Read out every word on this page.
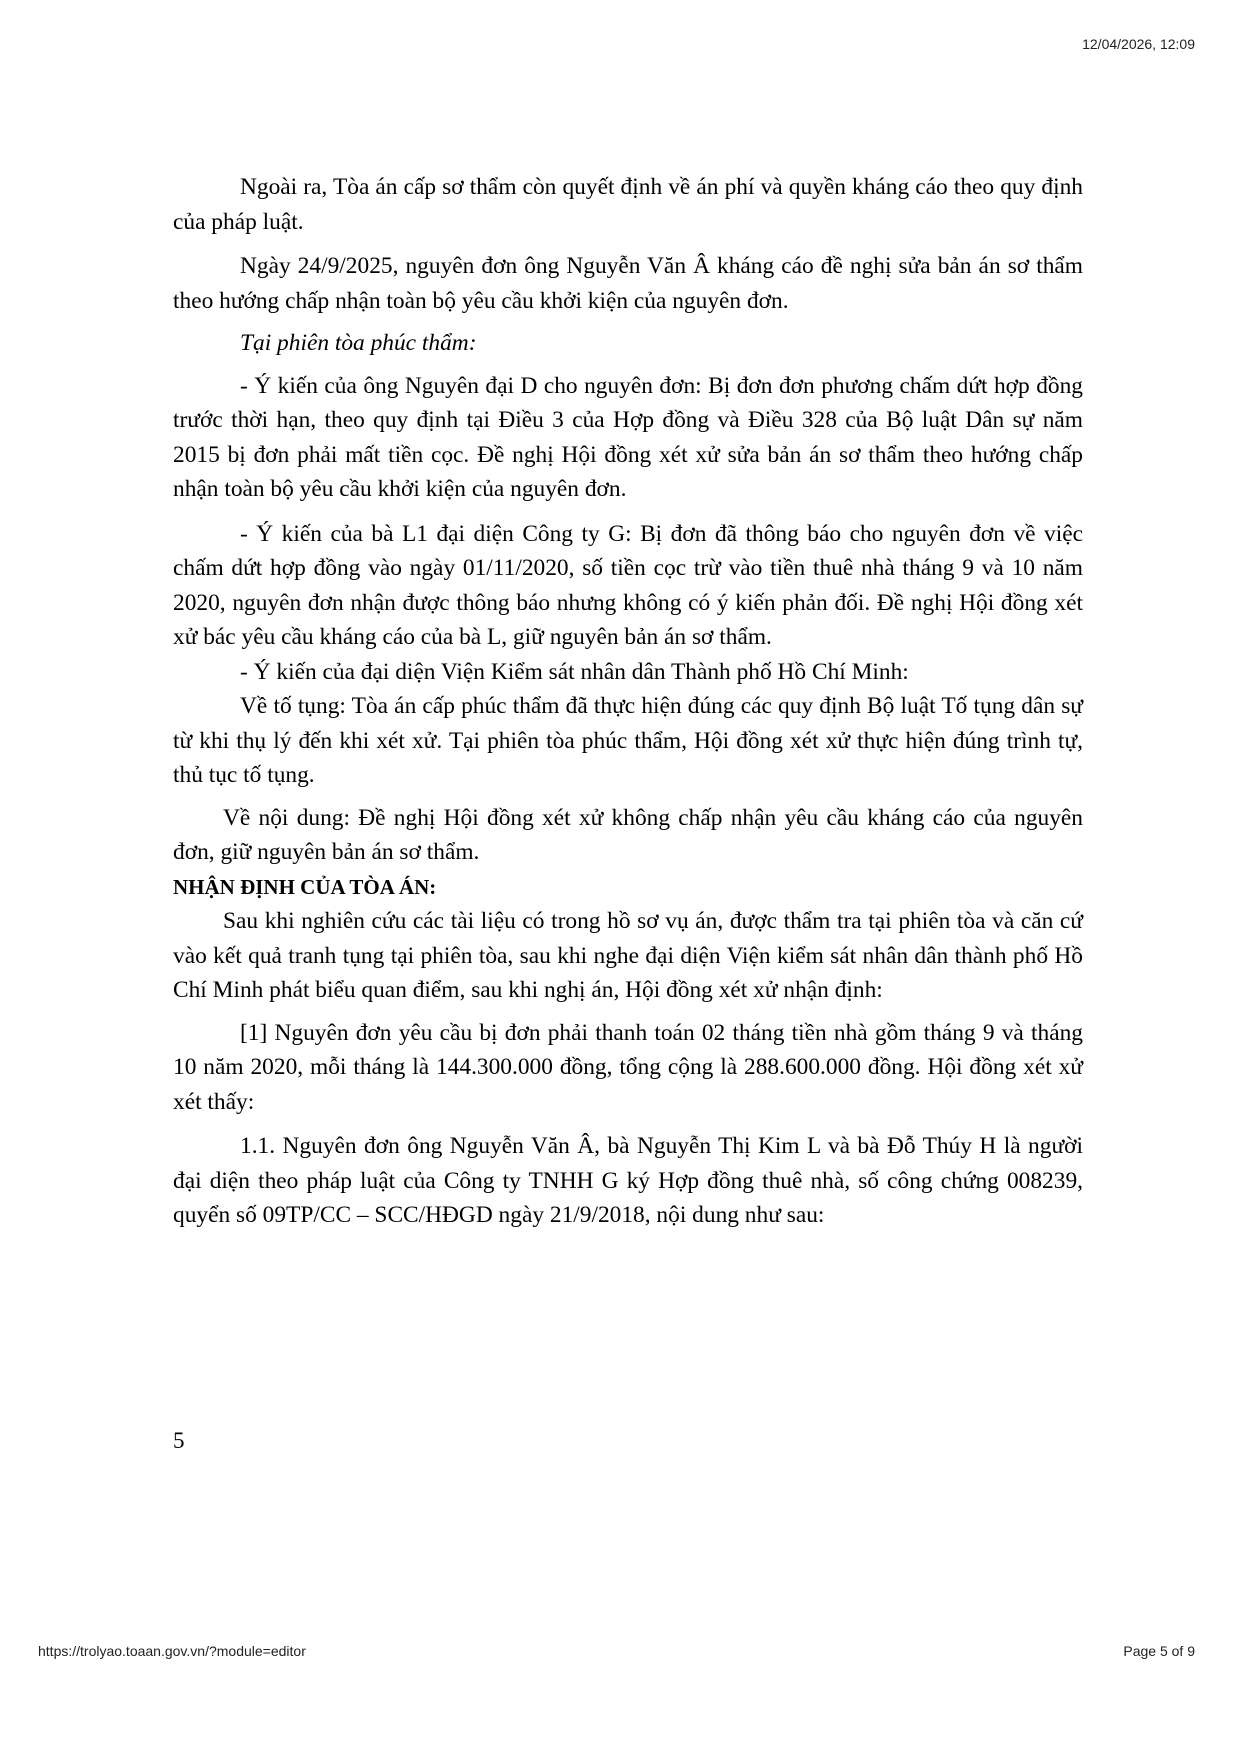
12/04/2026, 12:09

Ngoài ra, Tòa án cấp sơ thẩm còn quyết định về án phí và quyền kháng cáo theo quy định của pháp luật.

Ngày 24/9/2025, nguyên đơn ông Nguyễn Văn Â kháng cáo đề nghị sửa bản án sơ thẩm theo hướng chấp nhận toàn bộ yêu cầu khởi kiện của nguyên đơn.

Tại phiên tòa phúc thẩm:

- Ý kiến của ông Nguyên đại D cho nguyên đơn: Bị đơn đơn phương chấm dứt hợp đồng trước thời hạn, theo quy định tại Điều 3 của Hợp đồng và Điều 328 của Bộ luật Dân sự năm 2015 bị đơn phải mất tiền cọc. Đề nghị Hội đồng xét xử sửa bản án sơ thẩm theo hướng chấp nhận toàn bộ yêu cầu khởi kiện của nguyên đơn.

- Ý kiến của bà L1 đại diện Công ty G: Bị đơn đã thông báo cho nguyên đơn về việc chấm dứt hợp đồng vào ngày 01/11/2020, số tiền cọc trừ vào tiền thuê nhà tháng 9 và 10 năm 2020, nguyên đơn nhận được thông báo nhưng không có ý kiến phản đối. Đề nghị Hội đồng xét xử bác yêu cầu kháng cáo của bà L, giữ nguyên bản án sơ thẩm.

- Ý kiến của đại diện Viện Kiểm sát nhân dân Thành phố Hồ Chí Minh:

Về tố tụng: Tòa án cấp phúc thẩm đã thực hiện đúng các quy định Bộ luật Tố tụng dân sự từ khi thụ lý đến khi xét xử. Tại phiên tòa phúc thẩm, Hội đồng xét xử thực hiện đúng trình tự, thủ tục tố tụng.

Về nội dung: Đề nghị Hội đồng xét xử không chấp nhận yêu cầu kháng cáo của nguyên đơn, giữ nguyên bản án sơ thẩm.

NHẬN ĐỊNH CỦA TÒA ÁN:

Sau khi nghiên cứu các tài liệu có trong hồ sơ vụ án, được thẩm tra tại phiên tòa và căn cứ vào kết quả tranh tụng tại phiên tòa, sau khi nghe đại diện Viện kiểm sát nhân dân thành phố Hồ Chí Minh phát biểu quan điểm, sau khi nghị án, Hội đồng xét xử nhận định:

[1] Nguyên đơn yêu cầu bị đơn phải thanh toán 02 tháng tiền nhà gồm tháng 9 và tháng 10 năm 2020, mỗi tháng là 144.300.000 đồng, tổng cộng là 288.600.000 đồng. Hội đồng xét xử xét thấy:

1.1. Nguyên đơn ông Nguyễn Văn Â, bà Nguyễn Thị Kim L và bà Đỗ Thúy H là người đại diện theo pháp luật của Công ty TNHH G ký Hợp đồng thuê nhà, số công chứng 008239, quyển số 09TP/CC – SCC/HĐGD ngày 21/9/2018, nội dung như sau:

5
https://trolyao.toaan.gov.vn/?module=editor	Page 5 of 9
